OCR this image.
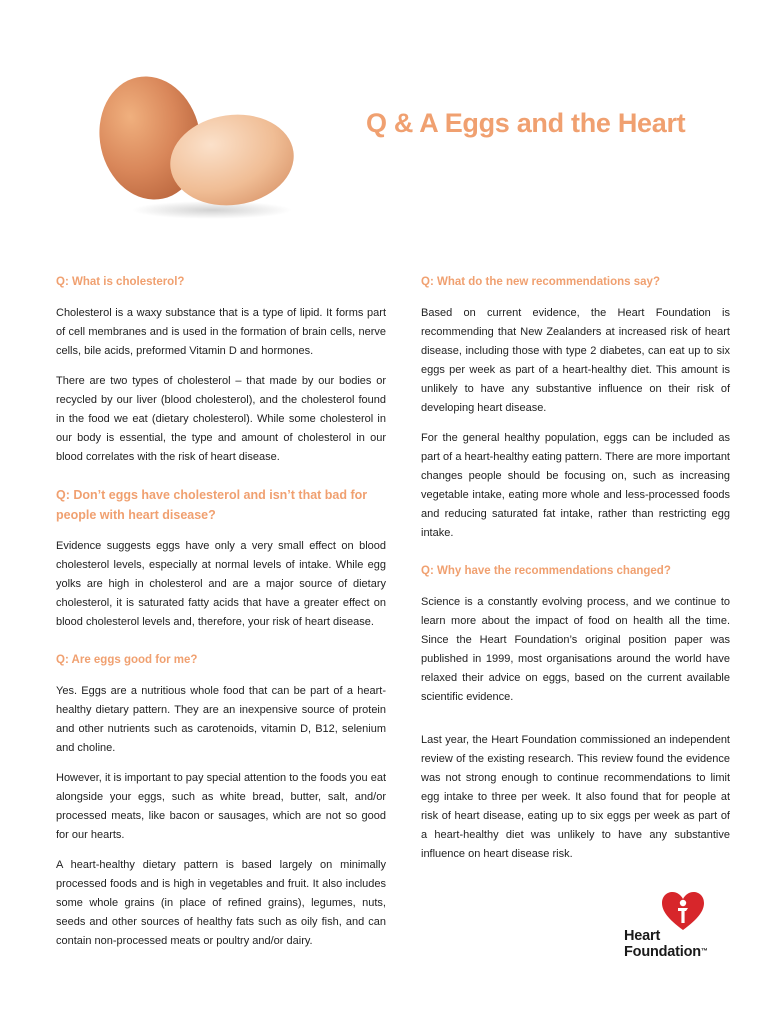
Q & A Eggs and the Heart
Q: What is cholesterol?

Cholesterol is a waxy substance that is a type of lipid. It forms part of cell membranes and is used in the formation of brain cells, nerve cells, bile acids, preformed Vitamin D and hormones.

There are two types of cholesterol – that made by our bodies or recycled by our liver (blood cholesterol), and the cholesterol found in the food we eat (dietary cholesterol). While some cholesterol in our body is essential, the type and amount of cholesterol in our blood correlates with the risk of heart disease.

Q: Don’t eggs have cholesterol and isn’t that bad for people with heart disease?

Evidence suggests eggs have only a very small effect on blood cholesterol levels, especially at normal levels of intake. While egg yolks are high in cholesterol and are a major source of dietary cholesterol, it is saturated fatty acids that have a greater effect on blood cholesterol levels and, therefore, your risk of heart disease.

Q: Are eggs good for me?

Yes. Eggs are a nutritious whole food that can be part of a heart-healthy dietary pattern. They are an inexpensive source of protein and other nutrients such as carotenoids, vitamin D, B12, selenium and choline.

However, it is important to pay special attention to the foods you eat alongside your eggs, such as white bread, butter, salt, and/or processed meats, like bacon or sausages, which are not so good for our hearts.

A heart-healthy dietary pattern is based largely on minimally processed foods and is high in vegetables and fruit. It also includes some whole grains (in place of refined grains), legumes, nuts, seeds and other sources of healthy fats such as oily fish, and can contain non-processed meats or poultry and/or dairy.

Q: What do the new recommendations say?

Based on current evidence, the Heart Foundation is recommending that New Zealanders at increased risk of heart disease, including those with type 2 diabetes, can eat up to six eggs per week as part of a heart-healthy diet. This amount is unlikely to have any substantive influence on their risk of developing heart disease.

For the general healthy population, eggs can be included as part of a heart-healthy eating pattern. There are more important changes people should be focusing on, such as increasing vegetable intake, eating more whole and less-processed foods and reducing saturated fat intake, rather than restricting egg intake.

Q: Why have the recommendations changed?

Science is a constantly evolving process, and we continue to learn more about the impact of food on health all the time. Since the Heart Foundation’s original position paper was published in 1999, most organisations around the world have relaxed their advice on eggs, based on the current available scientific evidence.

Last year, the Heart Foundation commissioned an independent review of the existing research. This review found the evidence was not strong enough to continue recommendations to limit egg intake to three per week. It also found that for people at risk of heart disease, eating up to six eggs per week as part of a heart-healthy diet was unlikely to have any substantive influence on heart disease risk.

Heart
Foundation™
